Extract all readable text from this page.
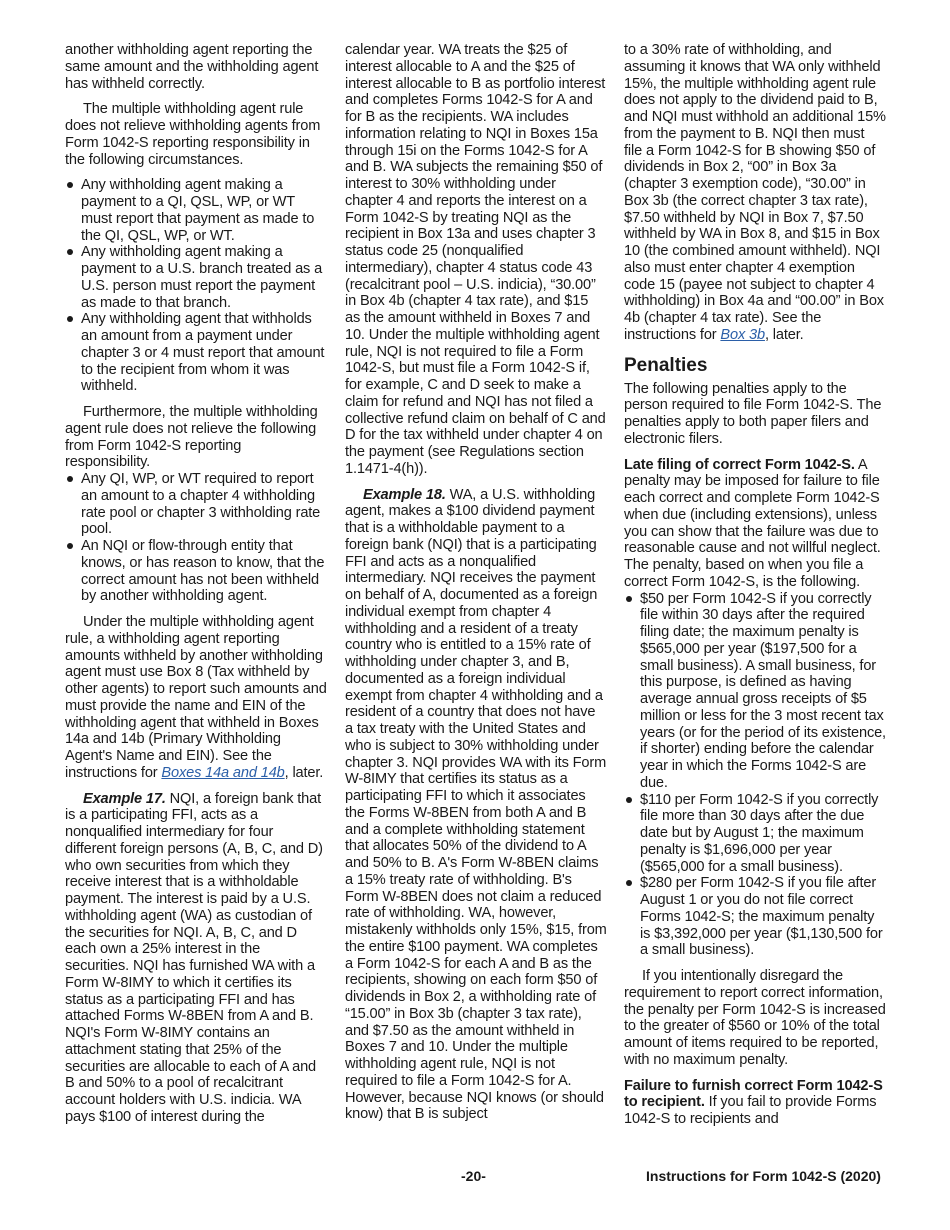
another withholding agent reporting the same amount and the withholding agent has withheld correctly.

The multiple withholding agent rule does not relieve withholding agents from Form 1042-S reporting responsibility in the following circumstances.

Any withholding agent making a payment to a QI, QSL, WP, or WT must report that payment as made to the QI, QSL, WP, or WT.

Any withholding agent making a payment to a U.S. branch treated as a U.S. person must report the payment as made to that branch.

Any withholding agent that withholds an amount from a payment under chapter 3 or 4 must report that amount to the recipient from whom it was withheld.

Furthermore, the multiple withholding agent rule does not relieve the following from Form 1042-S reporting responsibility.

Any QI, WP, or WT required to report an amount to a chapter 4 withholding rate pool or chapter 3 withholding rate pool.

An NQI or flow-through entity that knows, or has reason to know, that the correct amount has not been withheld by another withholding agent.

Under the multiple withholding agent rule, a withholding agent reporting amounts withheld by another withholding agent must use Box 8 (Tax withheld by other agents) to report such amounts and must provide the name and EIN of the withholding agent that withheld in Boxes 14a and 14b (Primary Withholding Agent's Name and EIN). See the instructions for Boxes 14a and 14b, later.

Example 17. NQI, a foreign bank that is a participating FFI, acts as a nonqualified intermediary for four different foreign persons (A, B, C, and D) who own securities from which they receive interest that is a withholdable payment. The interest is paid by a U.S. withholding agent (WA) as custodian of the securities for NQI. A, B, C, and D each own a 25% interest in the securities. NQI has furnished WA with a Form W-8IMY to which it certifies its status as a participating FFI and has attached Forms W-8BEN from A and B. NQI's Form W-8IMY contains an attachment stating that 25% of the securities are allocable to each of A and B and 50% to a pool of recalcitrant account holders with U.S. indicia. WA pays $100 of interest during the

calendar year. WA treats the $25 of interest allocable to A and the $25 of interest allocable to B as portfolio interest and completes Forms 1042-S for A and for B as the recipients. WA includes information relating to NQI in Boxes 15a through 15i on the Forms 1042-S for A and B. WA subjects the remaining $50 of interest to 30% withholding under chapter 4 and reports the interest on a Form 1042-S by treating NQI as the recipient in Box 13a and uses chapter 3 status code 25 (nonqualified intermediary), chapter 4 status code 43 (recalcitrant pool – U.S. indicia), “30.00” in Box 4b (chapter 4 tax rate), and $15 as the amount withheld in Boxes 7 and 10. Under the multiple withholding agent rule, NQI is not required to file a Form 1042-S, but must file a Form 1042-S if, for example, C and D seek to make a claim for refund and NQI has not filed a collective refund claim on behalf of C and D for the tax withheld under chapter 4 on the payment (see Regulations section 1.1471-4(h)).

Example 18. WA, a U.S. withholding agent, makes a $100 dividend payment that is a withholdable payment to a foreign bank (NQI) that is a participating FFI and acts as a nonqualified intermediary. NQI receives the payment on behalf of A, documented as a foreign individual exempt from chapter 4 withholding and a resident of a treaty country who is entitled to a 15% rate of withholding under chapter 3, and B, documented as a foreign individual exempt from chapter 4 withholding and a resident of a country that does not have a tax treaty with the United States and who is subject to 30% withholding under chapter 3. NQI provides WA with its Form W-8IMY that certifies its status as a participating FFI to which it associates the Forms W-8BEN from both A and B and a complete withholding statement that allocates 50% of the dividend to A and 50% to B. A's Form W-8BEN claims a 15% treaty rate of withholding. B's Form W-8BEN does not claim a reduced rate of withholding. WA, however, mistakenly withholds only 15%, $15, from the entire $100 payment. WA completes a Form 1042-S for each A and B as the recipients, showing on each form $50 of dividends in Box 2, a withholding rate of “15.00” in Box 3b (chapter 3 tax rate), and $7.50 as the amount withheld in Boxes 7 and 10. Under the multiple withholding agent rule, NQI is not required to file a Form 1042-S for A. However, because NQI knows (or should know) that B is subject

to a 30% rate of withholding, and assuming it knows that WA only withheld 15%, the multiple withholding agent rule does not apply to the dividend paid to B, and NQI must withhold an additional 15% from the payment to B. NQI then must file a Form 1042-S for B showing $50 of dividends in Box 2, “00” in Box 3a (chapter 3 exemption code), “30.00” in Box 3b (the correct chapter 3 tax rate), $7.50 withheld by NQI in Box 7, $7.50 withheld by WA in Box 8, and $15 in Box 10 (the combined amount withheld). NQI also must enter chapter 4 exemption code 15 (payee not subject to chapter 4 withholding) in Box 4a and “00.00” in Box 4b (chapter 4 tax rate). See the instructions for Box 3b, later.

Penalties

The following penalties apply to the person required to file Form 1042-S. The penalties apply to both paper filers and electronic filers.

Late filing of correct Form 1042-S. A penalty may be imposed for failure to file each correct and complete Form 1042-S when due (including extensions), unless you can show that the failure was due to reasonable cause and not willful neglect. The penalty, based on when you file a correct Form 1042-S, is the following.

$50 per Form 1042-S if you correctly file within 30 days after the required filing date; the maximum penalty is $565,000 per year ($197,500 for a small business). A small business, for this purpose, is defined as having average annual gross receipts of $5 million or less for the 3 most recent tax years (or for the period of its existence, if shorter) ending before the calendar year in which the Forms 1042-S are due.

$110 per Form 1042-S if you correctly file more than 30 days after the due date but by August 1; the maximum penalty is $1,696,000 per year ($565,000 for a small business).

$280 per Form 1042-S if you file after August 1 or you do not file correct Forms 1042-S; the maximum penalty is $3,392,000 per year ($1,130,500 for a small business).

If you intentionally disregard the requirement to report correct information, the penalty per Form 1042-S is increased to the greater of $560 or 10% of the total amount of items required to be reported, with no maximum penalty.

Failure to furnish correct Form 1042-S to recipient. If you fail to provide Forms 1042-S to recipients and

-20-	Instructions for Form 1042-S (2020)
